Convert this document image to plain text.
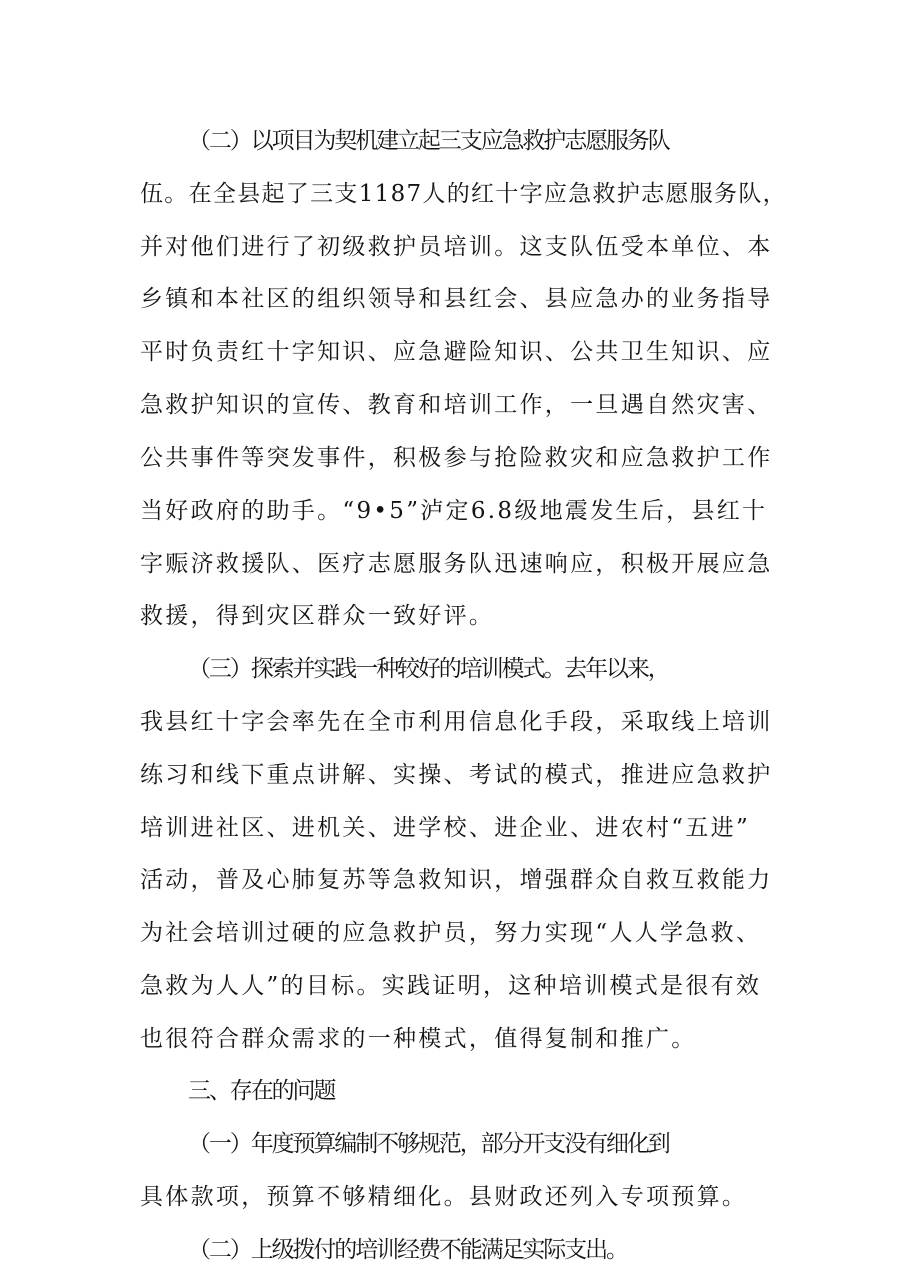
（二）以项目为契机建立起三支应急救护志愿服务队

伍。在全县起了三支1187人的红十字应急救护志愿服务队，

并对他们进行了初级救护员培训。这支队伍受本单位、本

乡镇和本社区的组织领导和县红会、县应急办的业务指导

平时负责红十字知识、应急避险知识、公共卫生知识、应

急救护知识的宣传、教育和培训工作，一旦遇自然灾害、

公共事件等突发事件，积极参与抢险救灾和应急救护工作

当好政府的助手。“9•5”泸定6.8级地震发生后，县红十

字赈济救援队、医疗志愿服务队迅速响应，积极开展应急

救援，得到灾区群众一致好评。

（三）探索并实践一种较好的培训模式。去年以来，

我县红十字会率先在全市利用信息化手段，采取线上培训

练习和线下重点讲解、实操、考试的模式，推进应急救护

培训进社区、进机关、进学校、进企业、进农村“五进”

活动，普及心肺复苏等急救知识，增强群众自救互救能力

为社会培训过硬的应急救护员，努力实现“人人学急救、

急救为人人”的目标。实践证明，这种培训模式是很有效

也很符合群众需求的一种模式，值得复制和推广。

三、存在的问题

（一）年度预算编制不够规范，部分开支没有细化到

具体款项，预算不够精细化。县财政还列入专项预算。

（二）上级拨付的培训经费不能满足实际支出。
